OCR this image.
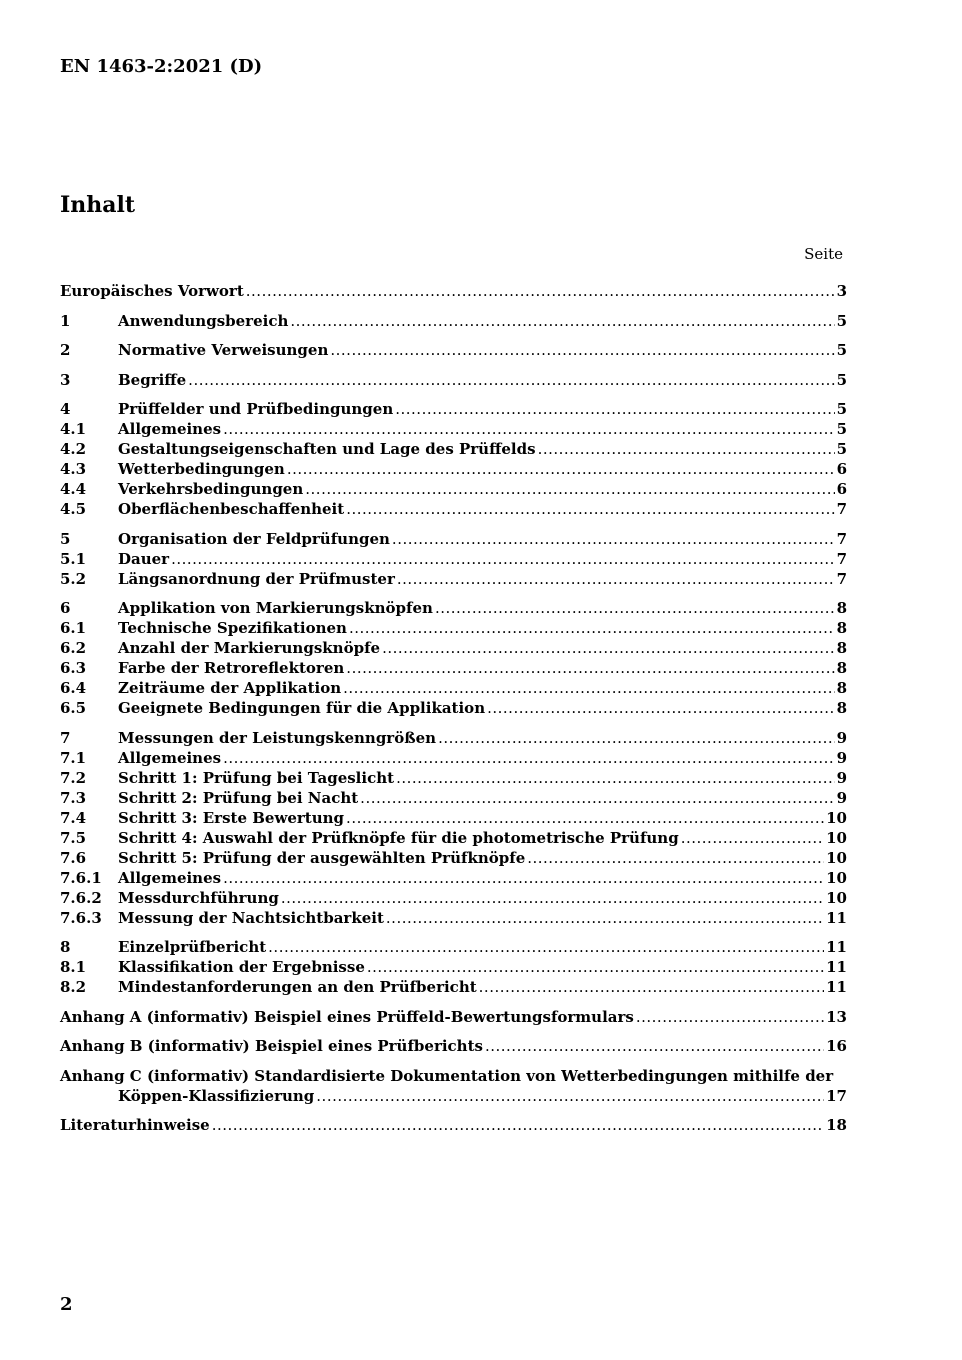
EN 1463-2:2021 (D)
Inhalt
Seite
Europäisches Vorwort .....	3
1	Anwendungsbereich .....	5
2	Normative Verweisungen .....	5
3	Begriffe .....	5
4	Prüffelder und Prüfbedingungen .....	5
4.1	Allgemeines .....	5
4.2	Gestaltungseigenschaften und Lage des Prüffelds .....	5
4.3	Wetterbedingungen .....	6
4.4	Verkehrsbedingungen .....	6
4.5	Oberflächenbeschaffenheit .....	7
5	Organisation der Feldprüfungen .....	7
5.1	Dauer .....	7
5.2	Längsanordnung der Prüfmuster .....	7
6	Applikation von Markierungsknöpfen .....	8
6.1	Technische Spezifikationen .....	8
6.2	Anzahl der Markierungsknöpfe .....	8
6.3	Farbe der Retroreflektoren .....	8
6.4	Zeiträume der Applikation .....	8
6.5	Geeignete Bedingungen für die Applikation .....	8
7	Messungen der Leistungskenngrößen .....	9
7.1	Allgemeines .....	9
7.2	Schritt 1: Prüfung bei Tageslicht .....	9
7.3	Schritt 2: Prüfung bei Nacht .....	9
7.4	Schritt 3: Erste Bewertung .....	10
7.5	Schritt 4: Auswahl der Prüfknöpfe für die photometrische Prüfung .....	10
7.6	Schritt 5: Prüfung der ausgewählten Prüfknöpfe .....	10
7.6.1	Allgemeines .....	10
7.6.2	Messdurchführung .....	10
7.6.3	Messung der Nachtsichtbarkeit .....	11
8	Einzelprüfbericht .....	11
8.1	Klassifikation der Ergebnisse .....	11
8.2	Mindestanforderungen an den Prüfbericht .....	11
Anhang A (informativ) Beispiel eines Prüffeld-Bewertungsformulars .....	13
Anhang B (informativ) Beispiel eines Prüfberichts .....	16
Anhang C (informativ) Standardisierte Dokumentation von Wetterbedingungen mithilfe der
Köppen-Klassifizierung .....	17
Literaturhinweise .....	18
2
